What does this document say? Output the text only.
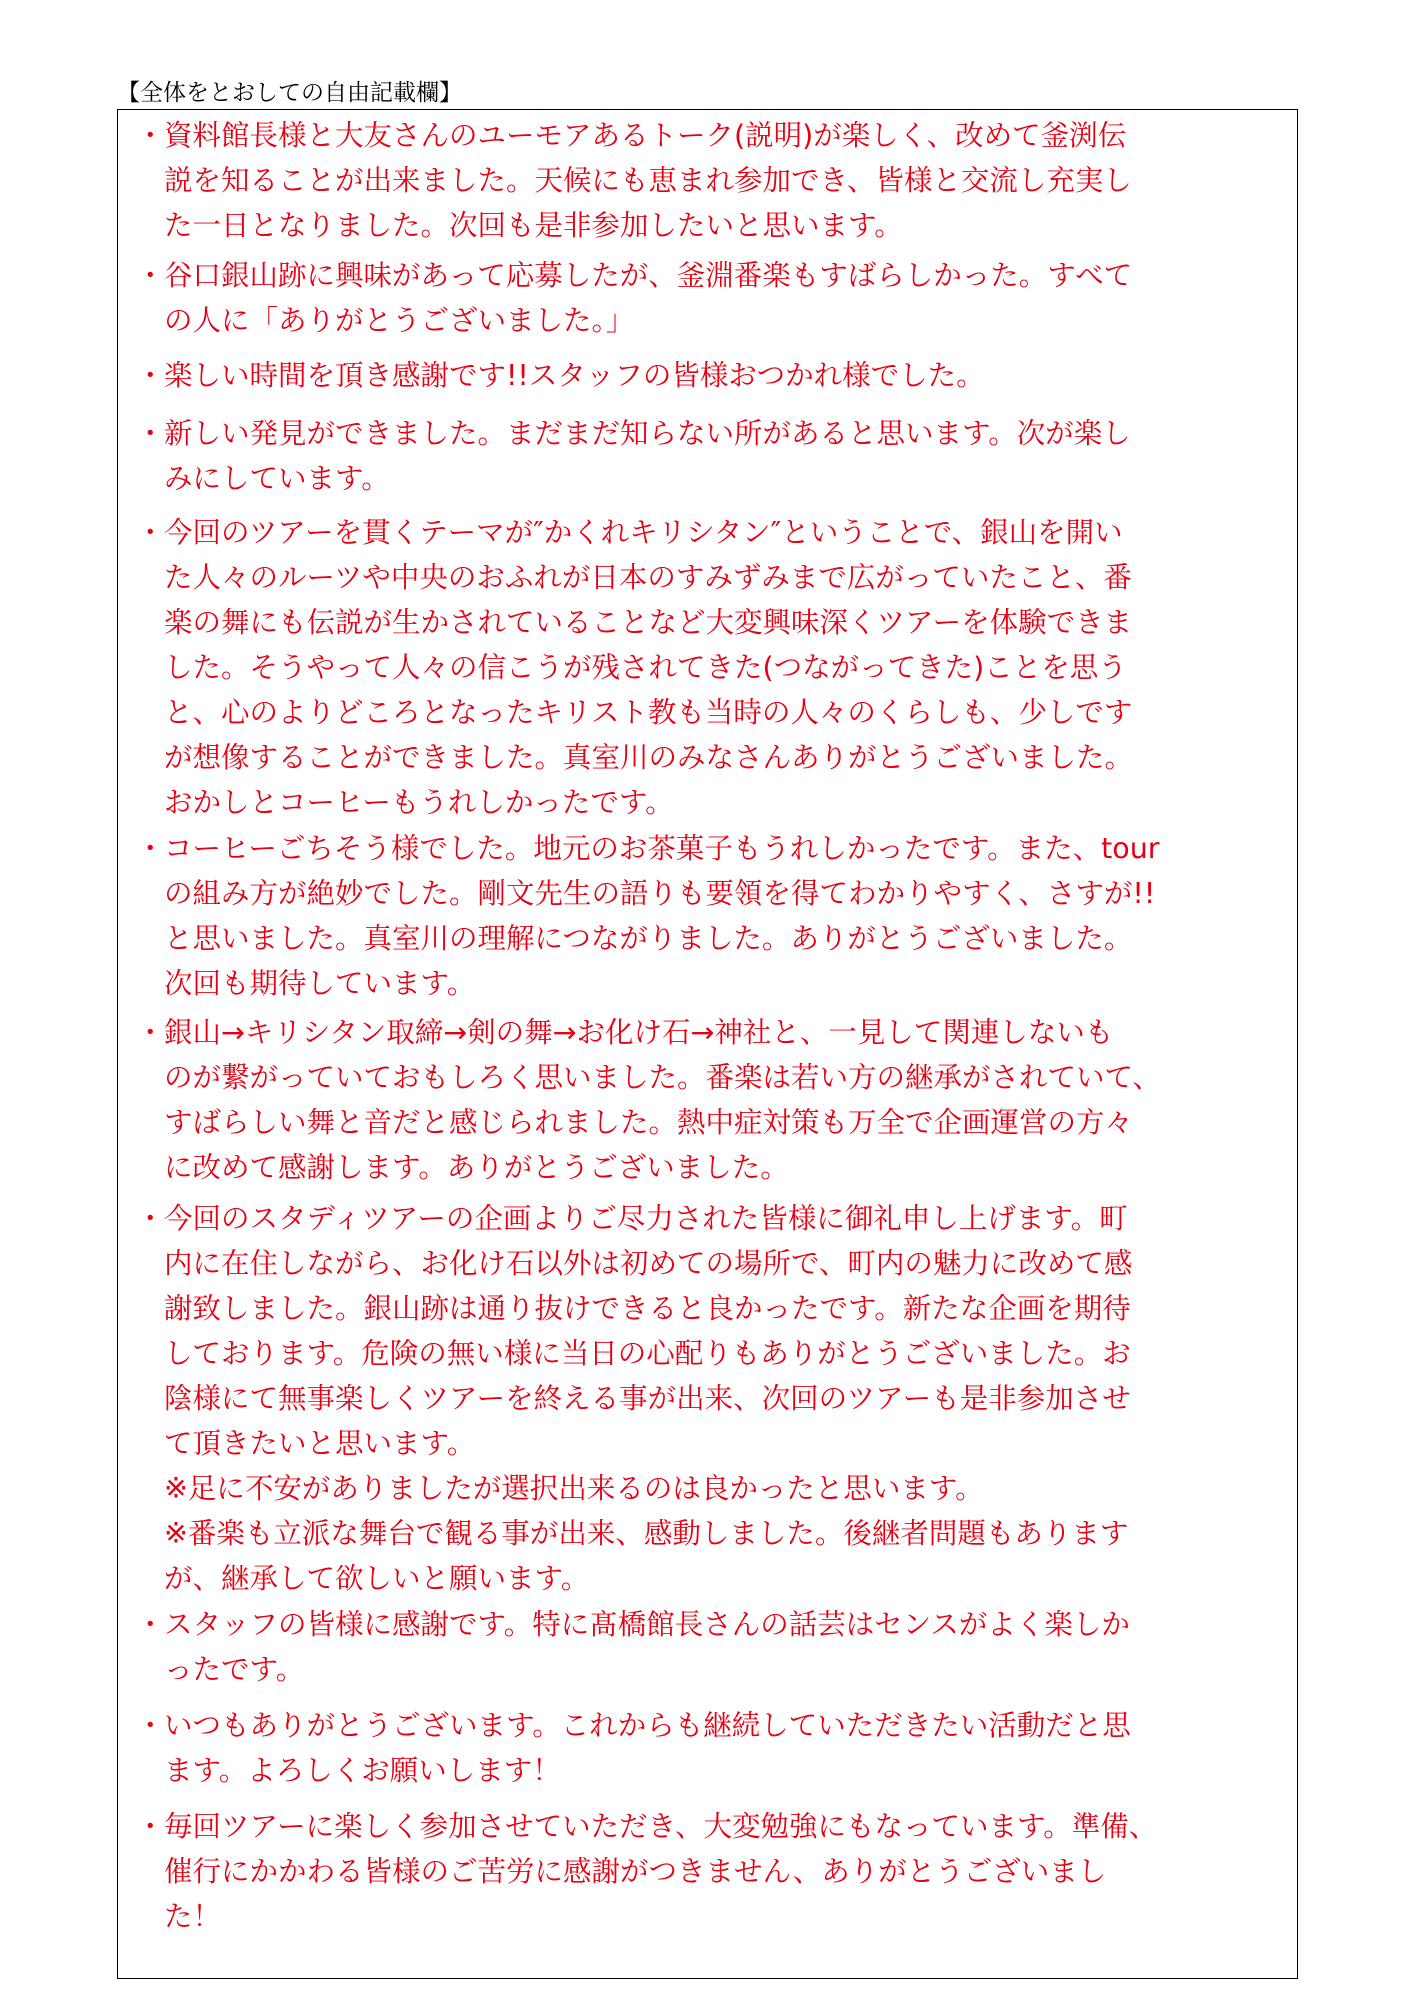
【全体をとおしての自由記載欄】
・資料館長様と大友さんのユーモアあるトーク(説明)が楽しく、改めて釜渕伝
説を知ることが出来ました。天候にも恵まれ参加でき、皆様と交流し充実し
た一日となりました。次回も是非参加したいと思います。
・谷口銀山跡に興味があって応募したが、釜淵番楽もすばらしかった。すべて
の人に「ありがとうございました。」
・楽しい時間を頂き感謝です!!スタッフの皆様おつかれ様でした。
・新しい発見ができました。まだまだ知らない所があると思います。次が楽し
みにしています。
・今回のツアーを貫くテーマが″かくれキリシタン″ということで、銀山を開い
た人々のルーツや中央のおふれが日本のすみずみまで広がっていたこと、番
楽の舞にも伝説が生かされていることなど大変興味深くツアーを体験できま
した。そうやって人々の信こうが残されてきた(つながってきた)ことを思う
と、心のよりどころとなったキリスト教も当時の人々のくらしも、少しです
が想像することができました。真室川のみなさんありがとうございました。
おかしとコーヒーもうれしかったです。
・コーヒーごちそう様でした。地元のお茶菓子もうれしかったです。また、tour
の組み方が絶妙でした。剛文先生の語りも要領を得てわかりやすく、さすが!!
と思いました。真室川の理解につながりました。ありがとうございました。
次回も期待しています。
・銀山→キリシタン取締→剣の舞→お化け石→神社と、一見して関連しないも
のが繋がっていておもしろく思いました。番楽は若い方の継承がされていて、
すばらしい舞と音だと感じられました。熱中症対策も万全で企画運営の方々
に改めて感謝します。ありがとうございました。
・今回のスタディツアーの企画よりご尽力された皆様に御礼申し上げます。町
内に在住しながら、お化け石以外は初めての場所で、町内の魅力に改めて感
謝致しました。銀山跡は通り抜けできると良かったです。新たな企画を期待
しております。危険の無い様に当日の心配りもありがとうございました。お
陰様にて無事楽しくツアーを終える事が出来、次回のツアーも是非参加させ
て頂きたいと思います。
※足に不安がありましたが選択出来るのは良かったと思います。
※番楽も立派な舞台で観る事が出来、感動しました。後継者問題もあります
が、継承して欲しいと願います。
・スタッフの皆様に感謝です。特に髙橋館長さんの話芸はセンスがよく楽しか
ったです。
・いつもありがとうございます。これからも継続していただきたい活動だと思
ます。よろしくお願いします！
・毎回ツアーに楽しく参加させていただき、大変勉強にもなっています。準備、
催行にかかわる皆様のご苦労に感謝がつきません、ありがとうございまし
た！
